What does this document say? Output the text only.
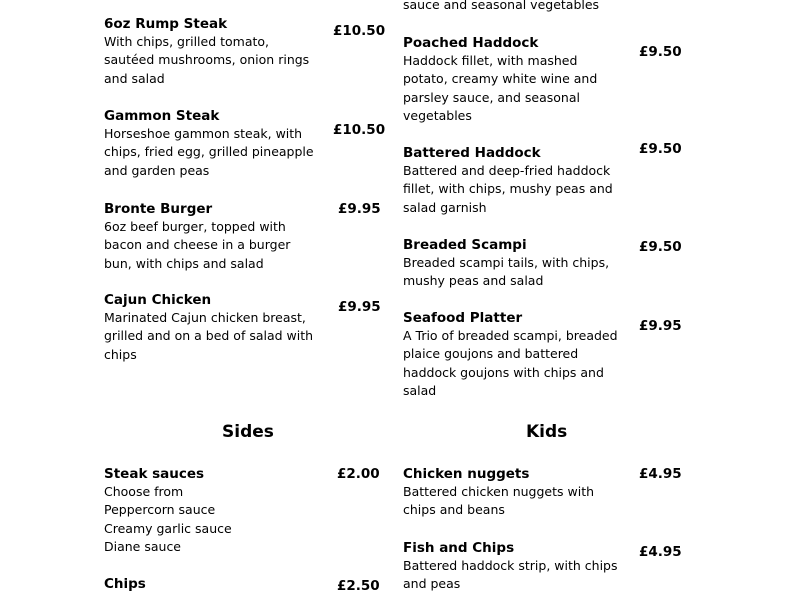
sauce and seasonal vegetables

6oz Rump Steak

With chips, grilled tomato,
sautéed mushrooms, onion rings
and salad

£10.50

Gammon Steak

Horseshoe gammon steak, with
chips, fried egg, grilled pineapple
and garden peas

£10.50

Bronte Burger

6oz beef burger, topped with
bacon and cheese in a burger
bun, with chips and salad

£9.95

Cajun Chicken

Marinated Cajun chicken breast,
grilled and on a bed of salad with
chips

£9.95

Poached Haddock

Haddock fillet, with mashed
potato, creamy white wine and
parsley sauce, and seasonal
vegetables

£9.50

Battered Haddock

Battered and deep-fried haddock
fillet, with chips, mushy peas and
salad garnish

£9.50

Breaded Scampi

Breaded scampi tails, with chips,
mushy peas and salad

£9.50

Seafood Platter

A Trio of breaded scampi, breaded
plaice goujons and battered
haddock goujons with chips and
salad

£9.95
Sides	Kids

Steak sauces

Choose from
Peppercorn sauce
Creamy garlic sauce
Diane sauce

£2.00

Chips	£2.50

Chicken nuggets

Battered chicken nuggets with
chips and beans

£4.95

Fish and Chips

Battered haddock strip, with chips
and peas

£4.95
